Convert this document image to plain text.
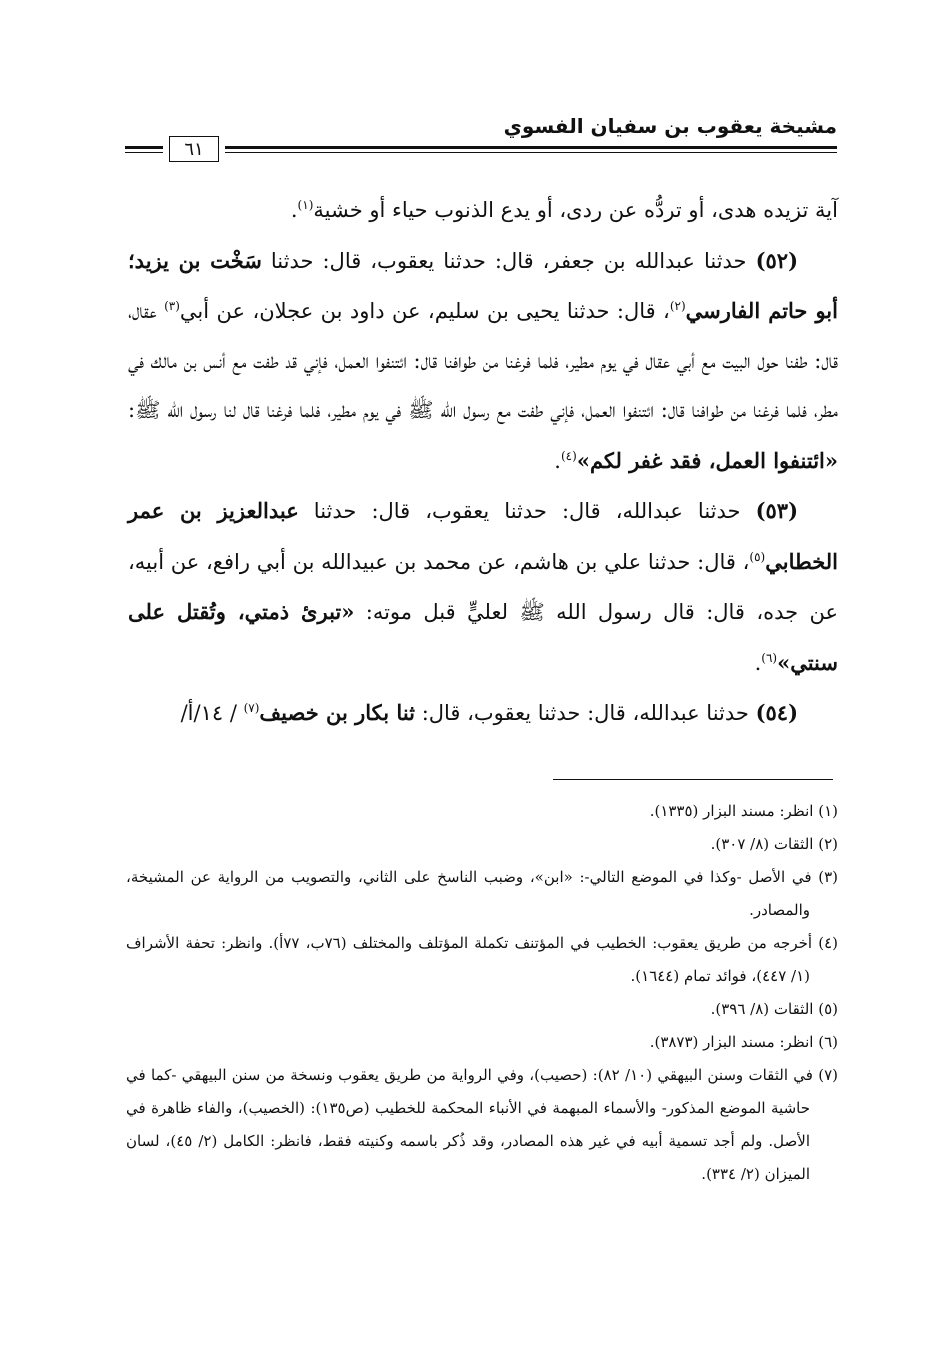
مشيخة يعقوب بن سفيان الفسوي
٦١

آية تزيده هدى، أو تردُّه عن ردى، أو يدع الذنوب حياء أو خشية$^{(١)}$.

(٥٢) حدثنا عبدالله بن جعفر، قال: حدثنا يعقوب، قال: حدثنا سَخْت بن يزيد؛ أبو حاتم الفارسي$^{(٢)}$، قال: حدثنا يحيى بن سليم، عن داود بن عجلان، عن أبي$^{(٣)}$ عقال، قال: طفنا حول البيت مع أبي عقال في يوم مطير، فلما فرغنا من طوافنا قال: ائتنفوا العمل، فإني قد طفت مع أنس بن مالك في مطر، فلما فرغنا من طوافنا قال: ائتنفوا العمل، فإني طفت مع رسول الله ﷺ في يوم مطير، فلما فرغنا قال لنا رسول الله ﷺ: «ائتنفوا العمل، فقد غفر لكم»$^{(٤)}$.

(٥٣) حدثنا عبدالله، قال: حدثنا يعقوب، قال: حدثنا عبدالعزيز بن عمر الخطابي$^{(٥)}$، قال: حدثنا علي بن هاشم، عن محمد بن عبيدالله بن أبي رافع، عن أبيه، عن جده، قال: قال رسول الله ﷺ لعليٍّ قبل موته: «تبرئ ذمتي، وتُقتل على سنتي»$^{(٦)}$.

(٥٤) حدثنا عبدالله، قال: حدثنا يعقوب، قال: ثنا بكار بن خصيف$^{(٧)}$ / ١٤/أ/

(١) انظر: مسند البزار (١٣٣٥).

(٢) الثقات (٨/ ٣٠٧).

(٣) في الأصل -وكذا في الموضع التالي-: «ابن»، وضبب الناسخ على الثاني، والتصويب من الرواية عن المشيخة، والمصادر.

(٤) أخرجه من طريق يعقوب: الخطيب في المؤتنف تكملة المؤتلف والمختلف (٧٦ب، ٧٧أ). وانظر: تحفة الأشراف (١/ ٤٤٧)، فوائد تمام (١٦٤٤).

(٥) الثقات (٨/ ٣٩٦).

(٦) انظر: مسند البزار (٣٨٧٣).

(٧) في الثقات وسنن البيهقي (١٠/ ٨٢): (حصيب)، وفي الرواية من طريق يعقوب ونسخة من سنن البيهقي -كما في حاشية الموضع المذكور- والأسماء المبهمة في الأنباء المحكمة للخطيب (ص١٣٥): (الخصيب)، والفاء ظاهرة في الأصل. ولم أجد تسمية أبيه في غير هذه المصادر، وقد ذُكر باسمه وكنيته فقط، فانظر: الكامل (٢/ ٤٥)، لسان الميزان (٢/ ٣٣٤).
